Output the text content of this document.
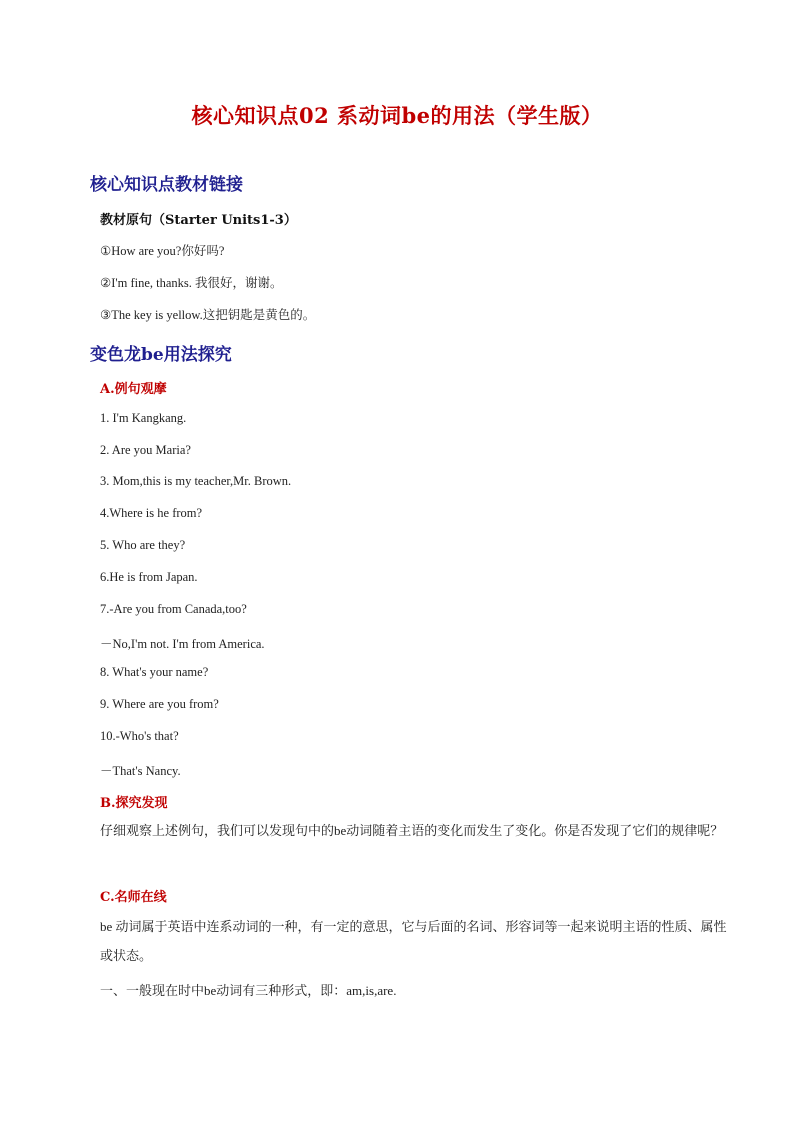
核心知识点02 系动词be的用法（学生版）
核心知识点教材链接
教材原句（Starter Units1-3）
①How are you?你好吗?
②I'm fine, thanks. 我很好，谢谢。
③The key is yellow.这把钥匙是黄色的。
变色龙be用法探究
A.例句观摩
1. I'm Kangkang.
2. Are you Maria?
3. Mom,this is my teacher,Mr. Brown.
4.Where is he from?
5. Who are they?
6.He is from Japan.
7.-Are you from Canada,too?
－No,I'm not. I'm from America.
8. What's your name?
9. Where are you from?
10.-Who's that?
－That's Nancy.
B.探究发现
仔细观察上述例句，我们可以发现句中的be动词随着主语的变化而发生了变化。你是否发现了它们的规律呢？
C.名师在线
be 动词属于英语中连系动词的一种，有一定的意思，它与后面的名词、形容词等一起来说明主语的性质、属性或状态。
一、一般现在时中be动词有三种形式，即：am,is,are.
